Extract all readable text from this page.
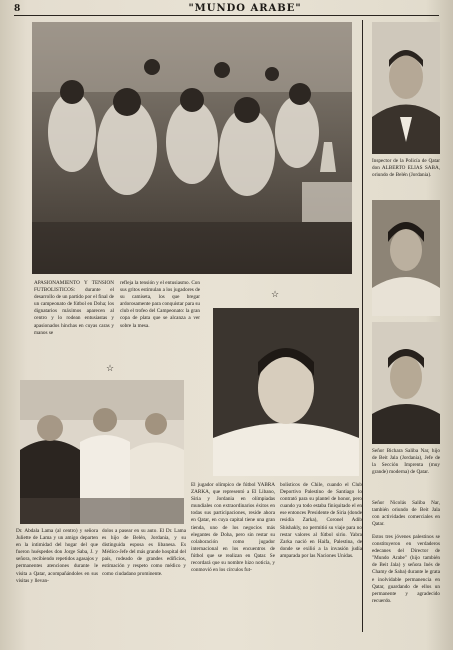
8	"MUNDO ARABE"
Inspector de la Policía de Qatar don ALBERTO ELIAS SABA, oriundo de Belén (Jordania).
Señor Bichara Saliba Nar, hijo de Beit Jala (Jordania), Jefe de la Sección Imprenta (muy grande) moderna) de Qatar.
Señor Nicolás Saliba Nar, también oriundo de Beit Jala con actividades comerciales en Qatar.
Estos tres jóvenes palestinos se constituyeron en verdaderos edecanes del Director de "Mundo Arabe" (hijo también de Beit Jala) y señora Inés de Chamy de Saba) durante le grata e inolvidable permanencia en Qatar, guardando de ellos un permanente y agradecido recuerdo.
APASIONAMIENTO Y TENSION FUTBOLISTICOS: durante el desarrollo de un partido por el final de un campeonato de fútbol en Doha; los dignatarios máximos aparecen al centro y lo rodean entusiastas y apasionados hinchas en cuyas caras y manos se
refleja la tensión y el entusiasmo. Con sus gritos estimulan a los jugadores de su camiseta, los que bregar ardorosamente para conquistar para su club el trofeo del Campeonato: la gran copa de plata que se alcanza a ver sobre la mesa.
☆
☆
El jugador olímpico de fútbol YABRA ZARKA, que representó a El Libano, Siria y Jordania en olímpiadas mundiales con extraordinarios éxitos en todas sus participaciones, reside ahora en Qatar, en cuya capital tiene una gran tienda, uno de los negocios más elegantes de Doha, pero sin restar su colaboración como jugador internacional en los encuentros de fútbol que se realizan en Qatar. Se recordará que su nombre hizo noticia, y conmovió en los círculos fut-
bolísticos de Chile, cuando el Club Deportivo Palestino de Santiago lo contrató para su plantel de honor, pero cuando ya todo estaba finiquitado el en ese entonces Presidente de Siria (donde residía Zarka), Coronel Adib Shishakly, no permitió su viaje para no restar valores al fútbol sirio. Yabra Zarka nació en Haifa, Palestina, de donde se exilió a la invasión judía amparada por las Naciones Unidas.
Dr. Abdala Lama (al centro) y señora Juliette de Lama y un amigo departen en la intimidad del hogar del que fueron huéspedes don Jorge Saba, J. y señora, recibiendo repetidos agasajos y permanentes atenciones durante le visita a Qatar, acompañándoles en sus visitas y llevan-
dolos a pasear en su auto. El Dr. Lama es hijo de Belén, Jordania, y su distinguida esposa es libanesa. Es Médico-Jefe del más grande hospital del país, rodeado de grandes edificios, estimación y respeto como médico y como ciudadano prominente.
